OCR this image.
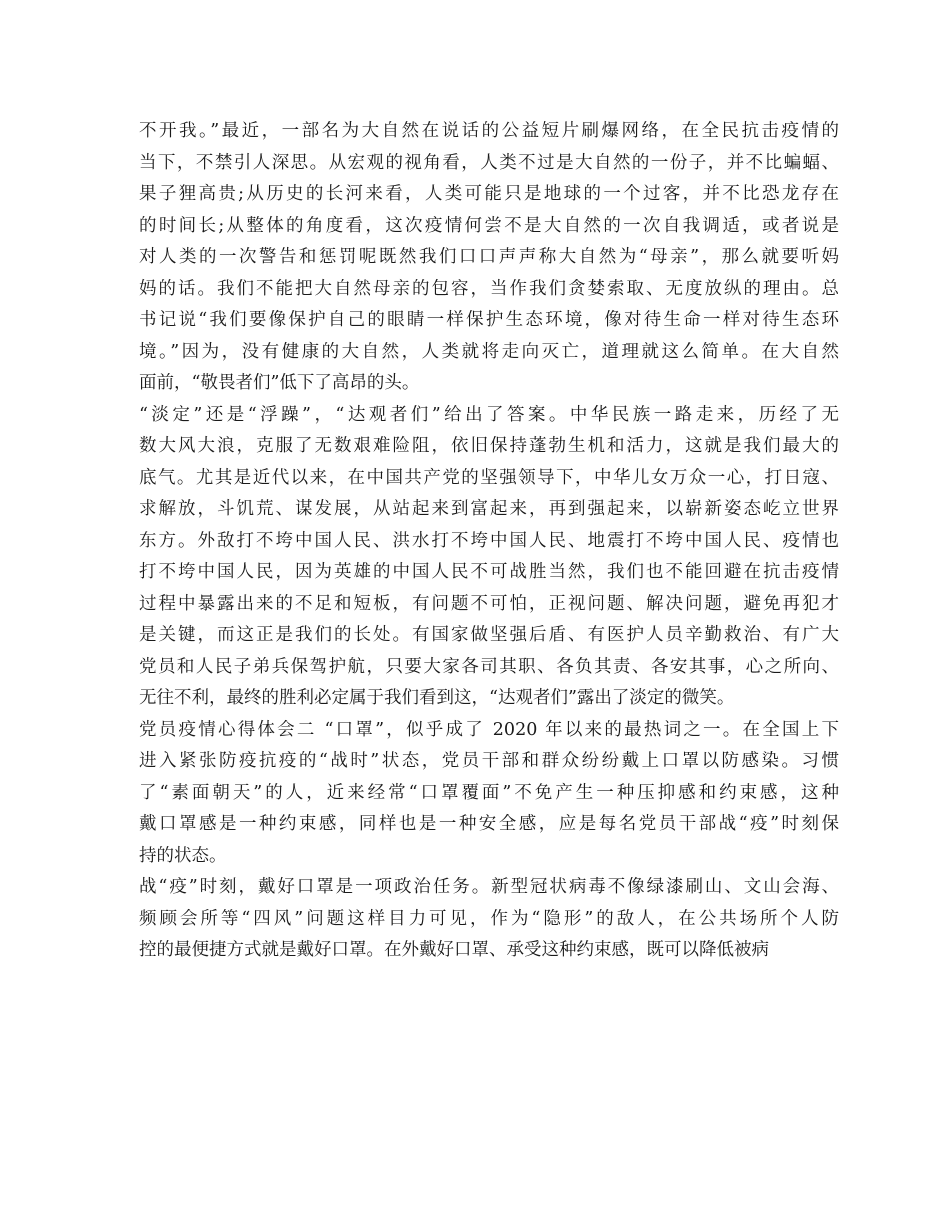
不开我。”最近，一部名为大自然在说话的公益短片刷爆网络，在全民抗击疫情的
当下，不禁引人深思。从宏观的视角看，人类不过是大自然的一份子，并不比蝙蝠、
果子狸高贵;从历史的长河来看，人类可能只是地球的一个过客，并不比恐龙存在
的时间长;从整体的角度看，这次疫情何尝不是大自然的一次自我调适，或者说是
对人类的一次警告和惩罚呢既然我们口口声声称大自然为“母亲”，那么就要听妈
妈的话。我们不能把大自然母亲的包容，当作我们贪婪索取、无度放纵的理由。总
书记说“我们要像保护自己的眼睛一样保护生态环境，像对待生命一样对待生态环
境。”因为，没有健康的大自然，人类就将走向灭亡，道理就这么简单。在大自然
面前，“敬畏者们”低下了高昂的头。
“淡定”还是“浮躁”，“达观者们”给出了答案。中华民族一路走来，历经了无
数大风大浪，克服了无数艰难险阻，依旧保持蓬勃生机和活力，这就是我们最大的
底气。尤其是近代以来，在中国共产党的坚强领导下，中华儿女万众一心，打日寇、
求解放，斗饥荒、谋发展，从站起来到富起来，再到强起来，以崭新姿态屹立世界
东方。外敌打不垮中国人民、洪水打不垮中国人民、地震打不垮中国人民、疫情也
打不垮中国人民，因为英雄的中国人民不可战胜当然，我们也不能回避在抗击疫情
过程中暴露出来的不足和短板，有问题不可怕，正视问题、解决问题，避免再犯才
是关键，而这正是我们的长处。有国家做坚强后盾、有医护人员辛勤救治、有广大
党员和人民子弟兵保驾护航，只要大家各司其职、各负其责、各安其事，心之所向、
无往不利，最终的胜利必定属于我们看到这，“达观者们”露出了淡定的微笑。
党员疫情心得体会二 “口罩”，似乎成了 2020 年以来的最热词之一。在全国上下
进入紧张防疫抗疫的“战时”状态，党员干部和群众纷纷戴上口罩以防感染。习惯
了“素面朝天”的人，近来经常“口罩覆面”不免产生一种压抑感和约束感，这种
戴口罩感是一种约束感，同样也是一种安全感，应是每名党员干部战“疫”时刻保
持的状态。
战“疫”时刻，戴好口罩是一项政治任务。新型冠状病毒不像绿漆刷山、文山会海、
频顾会所等“四风”问题这样目力可见，作为“隐形”的敌人，在公共场所个人防
控的最便捷方式就是戴好口罩。在外戴好口罩、承受这种约束感，既可以降低被病
